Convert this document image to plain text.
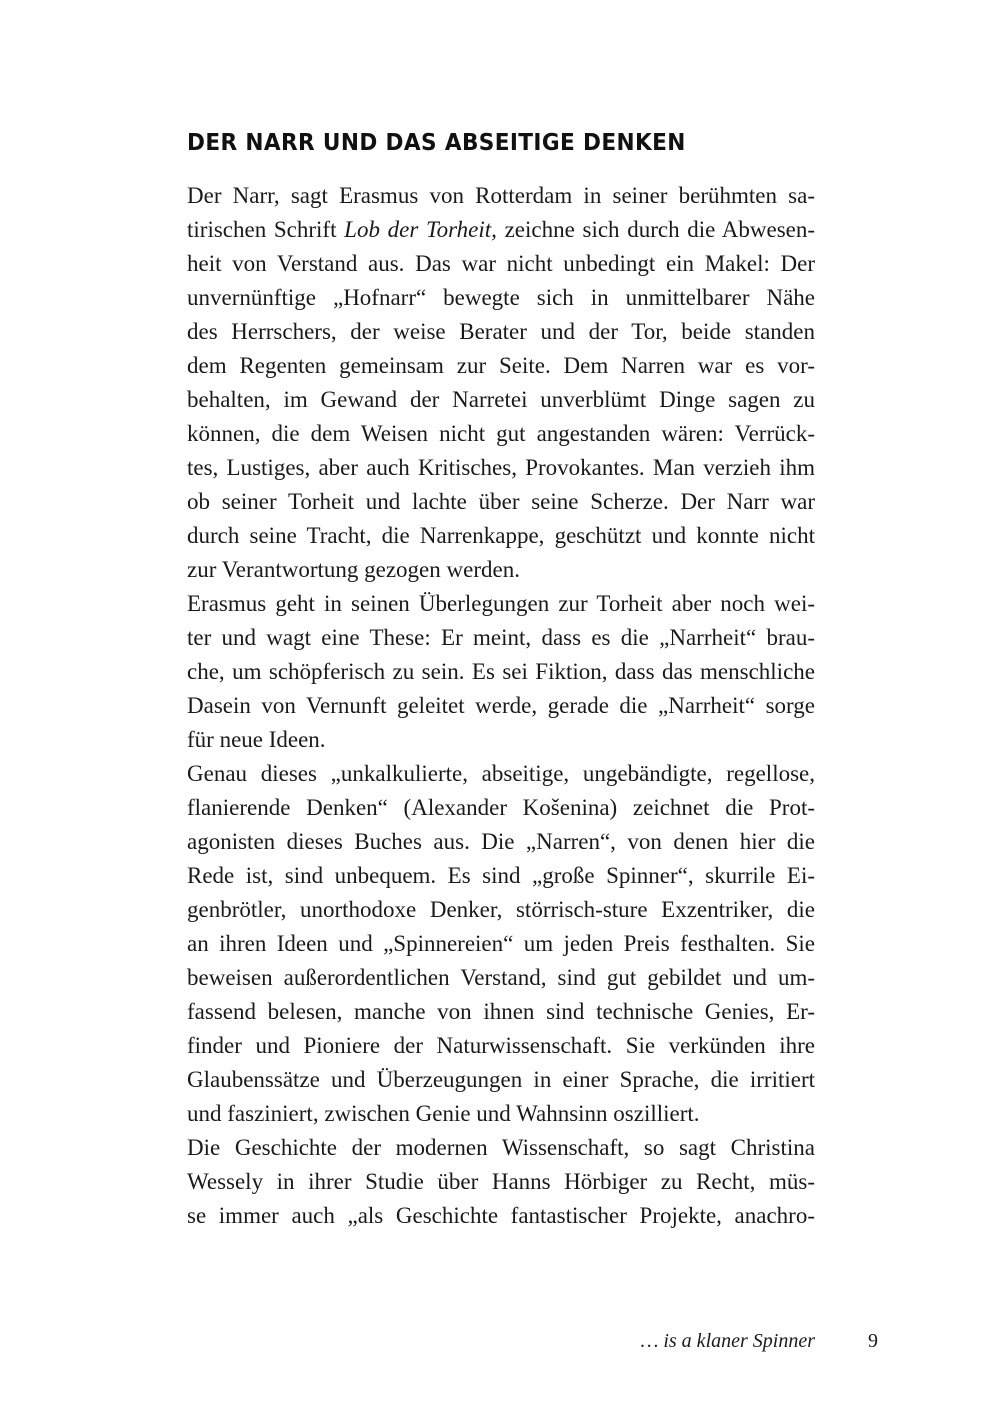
DER NARR UND DAS ABSEITIGE DENKEN
Der Narr, sagt Erasmus von Rotterdam in seiner berühmten sa-
tirischen Schrift Lob der Torheit, zeichne sich durch die Abwesen-
heit von Verstand aus. Das war nicht unbedingt ein Makel: Der
unvernünftige „Hofnarr“ bewegte sich in unmittelbarer Nähe
des Herrschers, der weise Berater und der Tor, beide standen
dem Regenten gemeinsam zur Seite. Dem Narren war es vor-
behalten, im Gewand der Narretei unverblümt Dinge sagen zu
können, die dem Weisen nicht gut angestanden wären: Verrück-
tes, Lustiges, aber auch Kritisches, Provokantes. Man verzieh ihm
ob seiner Torheit und lachte über seine Scherze. Der Narr war
durch seine Tracht, die Narrenkappe, geschützt und konnte nicht
zur Verantwortung gezogen werden.
Erasmus geht in seinen Überlegungen zur Torheit aber noch wei-
ter und wagt eine These: Er meint, dass es die „Narrheit“ brau-
che, um schöpferisch zu sein. Es sei Fiktion, dass das menschliche
Dasein von Vernunft geleitet werde, gerade die „Narrheit“ sorge
für neue Ideen.
Genau dieses „unkalkulierte, abseitige, ungebändigte, regellose,
flanierende Denken“ (Alexander Košenina) zeichnet die Prot-
agonisten dieses Buches aus. Die „Narren“, von denen hier die
Rede ist, sind unbequem. Es sind „große Spinner“, skurrile Ei-
genbrötler, unorthodoxe Denker, störrisch-sture Exzentriker, die
an ihren Ideen und „Spinnereien“ um jeden Preis festhalten. Sie
beweisen außerordentlichen Verstand, sind gut gebildet und um-
fassend belesen, manche von ihnen sind technische Genies, Er-
finder und Pioniere der Naturwissenschaft. Sie verkünden ihre
Glaubenssätze und Überzeugungen in einer Sprache, die irritiert
und fasziniert, zwischen Genie und Wahnsinn oszilliert.
Die Geschichte der modernen Wissenschaft, so sagt Christina
Wessely in ihrer Studie über Hanns Hörbiger zu Recht, müs-
se immer auch „als Geschichte fantastischer Projekte, anachro-
… is a klaner Spinner	9
